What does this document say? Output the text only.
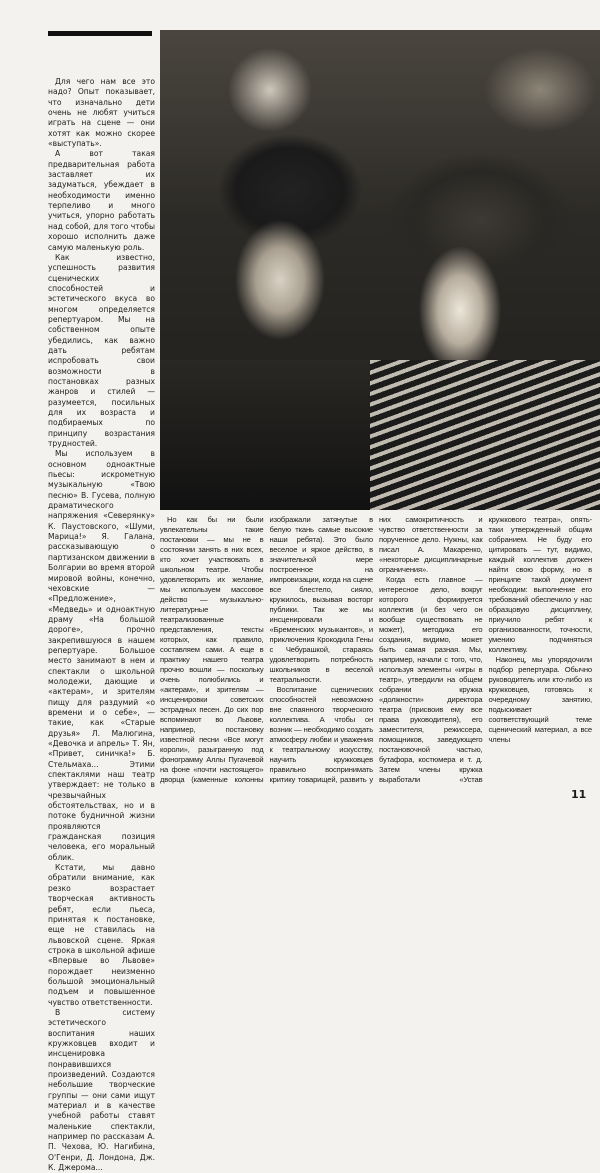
Для чего нам все это надо? Опыт показывает, что изначально дети очень не любят учиться играть на сцене — они хотят как можно скорее «выступать».

А вот такая предварительная работа заставляет их задуматься, убеждает в необходимости именно терпеливо и много учиться, упорно работать над собой, для того чтобы хорошо исполнить даже самую маленькую роль.

Как известно, успешность развития сценических способностей и эстетического вкуса во многом определяется репертуаром. Мы на собственном опыте убедились, как важно дать ребятам испробовать свои возможности в постановках разных жанров и стилей — разумеется, посильных для их возраста и подбираемых по принципу возрастания трудностей.

Мы используем в основном одноактные пьесы: искрометную музыкальную «Твою песню» В. Гусева, полную драматического напряжения «Северянку» К. Паустовского, «Шуми, Марица!» Я. Галана, рассказывающую о партизанском движении в Болгарии во время второй мировой войны, конечно, чеховские — «Предложение», «Медведь» и одноактную драму «На большой дороге», прочно закрепившуюся в нашем репертуаре. Большое место занимают в нем и спектакли о школьной молодежи, дающие и «актерам», и зрителям пищу для раздумий «о времени и о себе», — такие, как «Старые друзья» Л. Малюгина, «Девочка и апрель» Т. Ян, «Привет, синичка!» Б. Стельмаха... Этими спектаклями наш театр утверждает: не только в чрезвычайных обстоятельствах, но и в потоке будничной жизни проявляются гражданская позиция человека, его моральный облик.

Кстати, мы давно обратили внимание, как резко возрастает творческая активность ребят, если пьеса, принятая к постановке, еще не ставилась на львовской сцене. Яркая строка в школьной афише «Впервые во Львове» порождает неизменно большой эмоциональный подъем и повышенное чувство ответственности.

В систему эстетического воспитания наших кружковцев входит и инсценировка понравившихся произведений. Создаются небольшие творческие группы — они сами ищут материал и в качестве учебной работы ставят маленькие спектакли, например по рассказам А. П. Чехова, Ю. Нагибина, О'Генри, Д. Лондона, Дж. К. Джерома...

Но как бы ни были увлекательны такие постановки — мы не в состоянии занять в них всех, кто хочет участвовать в школьном театре. Чтобы удовлетворить их желание, мы используем массовое действо — музыкально-литературные театрализованные представления, тексты которых, как правило, составляем сами. А еще в практику нашего театра прочно вошли — поскольку очень полюбились и «актерам», и зрителям — инсценировки советских эстрадных песен. До сих пор вспоминают во Львове, например, постановку известной песни «Все могут короли», разыгранную под фонограмму Аллы Пугачевой на фоне «почти настоящего» дворца (каменные колонны изображали затянутые в белую ткань самые высокие наши ребята). Это было веселое и яркое действо, в значительной мере построенное на импровизации, когда на сцене все блестело, сияло, кружилось, вызывая восторг публики. Так же мы инсценировали и «Бременских музыкантов», и приключения Крокодила Гены с Чебурашкой, стараясь удовлетворить потребность школьников в веселой театральности.

Воспитание сценических способностей невозможно вне спаянного творческого коллектива. А чтобы он возник — необходимо создать атмосферу любви и уважения к театральному искусству, научить кружковцев правильно воспринимать критику товарищей, развить у них самокритичность и чувство ответственности за порученное дело. Нужны, как писал А. Макаренко, «некоторые дисциплинарные ограничения».

Когда есть главное — интересное дело, вокруг которого формируется коллектив (и без чего он вообще существовать не может), методика его создания, видимо, может быть самая разная. Мы, например, начали с того, что, используя элементы «игры в театр», утвердили на общем собрании кружка «должности» директора театра (присвоив ему все права руководителя), его заместителя, режиссера, помощников, заведующего постановочной частью, бутафора, костюмера и т. д. Затем члены кружка выработали «Устав кружкового театра», опять-таки утвержденный общим собранием. Не буду его цитировать — тут, видимо, каждый коллектив должен найти свою форму, но в принципе такой документ необходим: выполнение его требований обеспечило у нас образцовую дисциплину, приучило ребят к организованности, точности, умению подчиняться коллективу.

Наконец, мы упорядочили подбор репертуара. Обычно руководитель или кто-либо из кружковцев, готовясь к очередному занятию, подыскивает соответствующий теме сценический материал, а все члены

11
